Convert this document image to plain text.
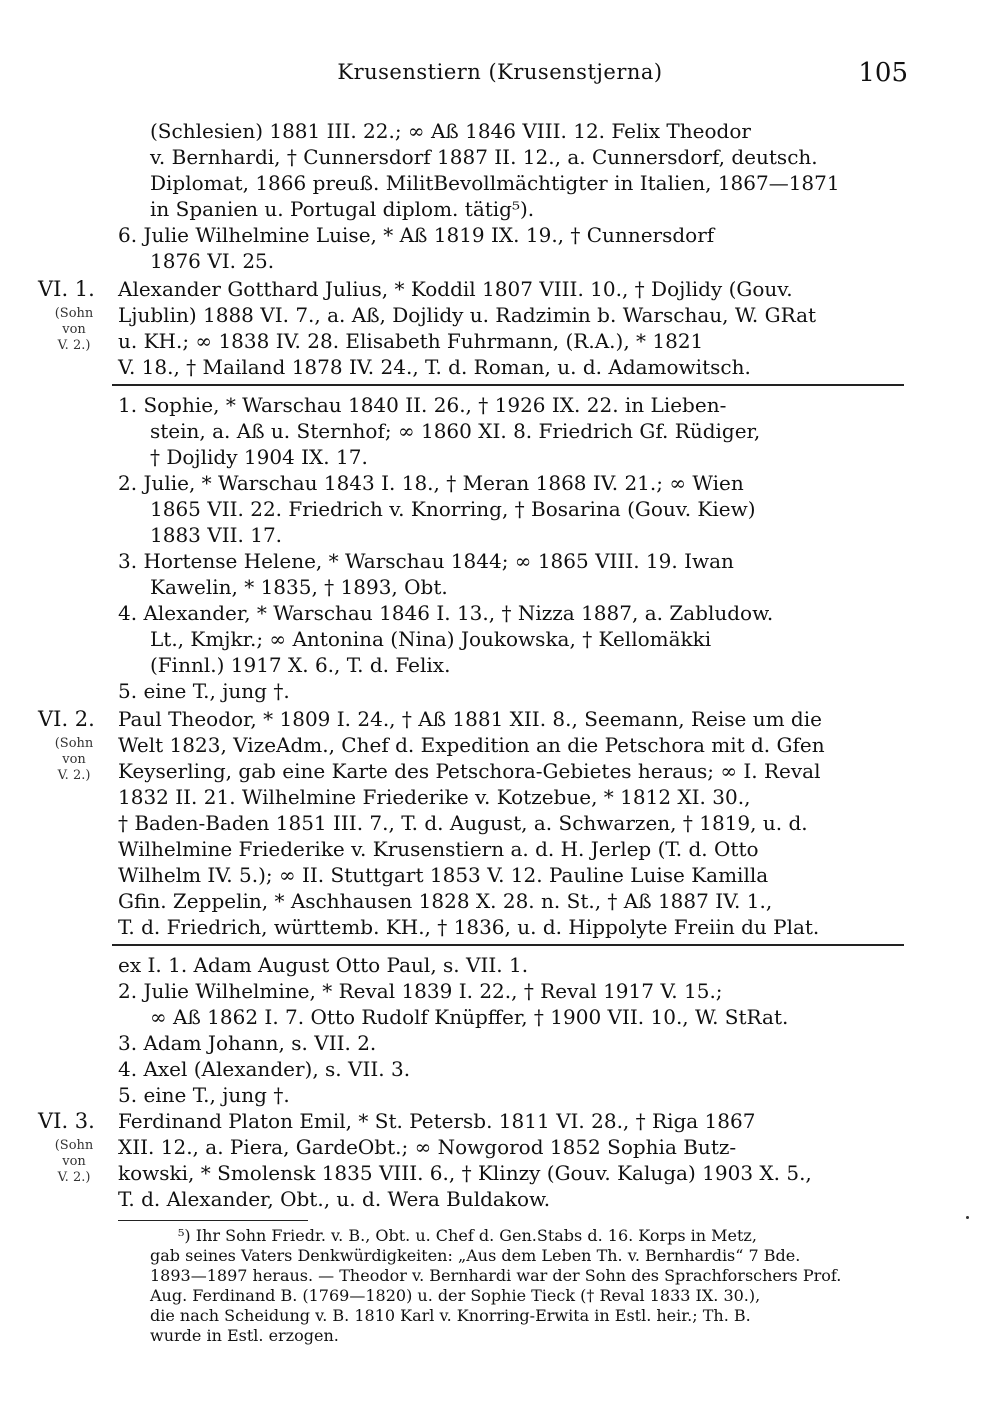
Krusenstiern (Krusenstjerna)	105
(Schlesien) 1881 III. 22.; ∞ Aß 1846 VIII. 12. Felix Theodor
v. Bernhardi, † Cunnersdorf 1887 II. 12., a. Cunnersdorf, deutsch.
Diplomat, 1866 preuß. MilitBevollmächtigter in Italien, 1867—1871
in Spanien u. Portugal diplom. tätig⁵).
6. Julie Wilhelmine Luise, * Aß 1819 IX. 19., † Cunnersdorf
1876 VI. 25.
VI. 1.
(Sohn
von
V. 2.)
Alexander Gotthard Julius, * Koddil 1807 VIII. 10., † Dojlidy (Gouv.
Ljublin) 1888 VI. 7., a. Aß, Dojlidy u. Radzimin b. Warschau, W. GRat
u. KH.; ∞ 1838 IV. 28. Elisabeth Fuhrmann, (R.A.), * 1821
V. 18., † Mailand 1878 IV. 24., T. d. Roman, u. d. Adamowitsch.
1. Sophie, * Warschau 1840 II. 26., † 1926 IX. 22. in Lieben-
stein, a. Aß u. Sternhof; ∞ 1860 XI. 8. Friedrich Gf. Rüdiger,
† Dojlidy 1904 IX. 17.
2. Julie, * Warschau 1843 I. 18., † Meran 1868 IV. 21.; ∞ Wien
1865 VII. 22. Friedrich v. Knorring, † Bosarina (Gouv. Kiew)
1883 VII. 17.
3. Hortense Helene, * Warschau 1844; ∞ 1865 VIII. 19. Iwan
Kawelin, * 1835, † 1893, Obt.
4. Alexander, * Warschau 1846 I. 13., † Nizza 1887, a. Zabludow.
Lt., Kmjkr.; ∞ Antonina (Nina) Joukowska, † Kellomäkki
(Finnl.) 1917 X. 6., T. d. Felix.
5. eine T., jung †.
VI. 2.
(Sohn
von
V. 2.)
Paul Theodor, * 1809 I. 24., † Aß 1881 XII. 8., Seemann, Reise um die
Welt 1823, VizeAdm., Chef d. Expedition an die Petschora mit d. Gfen
Keyserling, gab eine Karte des Petschora-Gebietes heraus; ∞ I. Reval
1832 II. 21. Wilhelmine Friederike v. Kotzebue, * 1812 XI. 30.,
† Baden-Baden 1851 III. 7., T. d. August, a. Schwarzen, † 1819, u. d.
Wilhelmine Friederike v. Krusenstiern a. d. H. Jerlep (T. d. Otto
Wilhelm IV. 5.); ∞ II. Stuttgart 1853 V. 12. Pauline Luise Kamilla
Gfin. Zeppelin, * Aschhausen 1828 X. 28. n. St., † Aß 1887 IV. 1.,
T. d. Friedrich, württemb. KH., † 1836, u. d. Hippolyte Freiin du Plat.
ex I. 1. Adam August Otto Paul, s. VII. 1.
2. Julie Wilhelmine, * Reval 1839 I. 22., † Reval 1917 V. 15.;
∞ Aß 1862 I. 7. Otto Rudolf Knüpffer, † 1900 VII. 10., W. StRat.
3. Adam Johann, s. VII. 2.
4. Axel (Alexander), s. VII. 3.
5. eine T., jung †.
VI. 3.
(Sohn
von
V. 2.)
Ferdinand Platon Emil, * St. Petersb. 1811 VI. 28., † Riga 1867
XII. 12., a. Piera, GardeObt.; ∞ Nowgorod 1852 Sophia Butz-
kowski, * Smolensk 1835 VIII. 6., † Klinzy (Gouv. Kaluga) 1903 X. 5.,
T. d. Alexander, Obt., u. d. Wera Buldakow.
⁵) Ihr Sohn Friedr. v. B., Obt. u. Chef d. Gen.Stabs d. 16. Korps in Metz,
gab seines Vaters Denkwürdigkeiten: „Aus dem Leben Th. v. Bernhardis“ 7 Bde.
1893—1897 heraus. — Theodor v. Bernhardi war der Sohn des Sprachforschers Prof.
Aug. Ferdinand B. (1769—1820) u. der Sophie Tieck († Reval 1833 IX. 30.),
die nach Scheidung v. B. 1810 Karl v. Knorring-Erwita in Estl. heir.; Th. B.
wurde in Estl. erzogen.
